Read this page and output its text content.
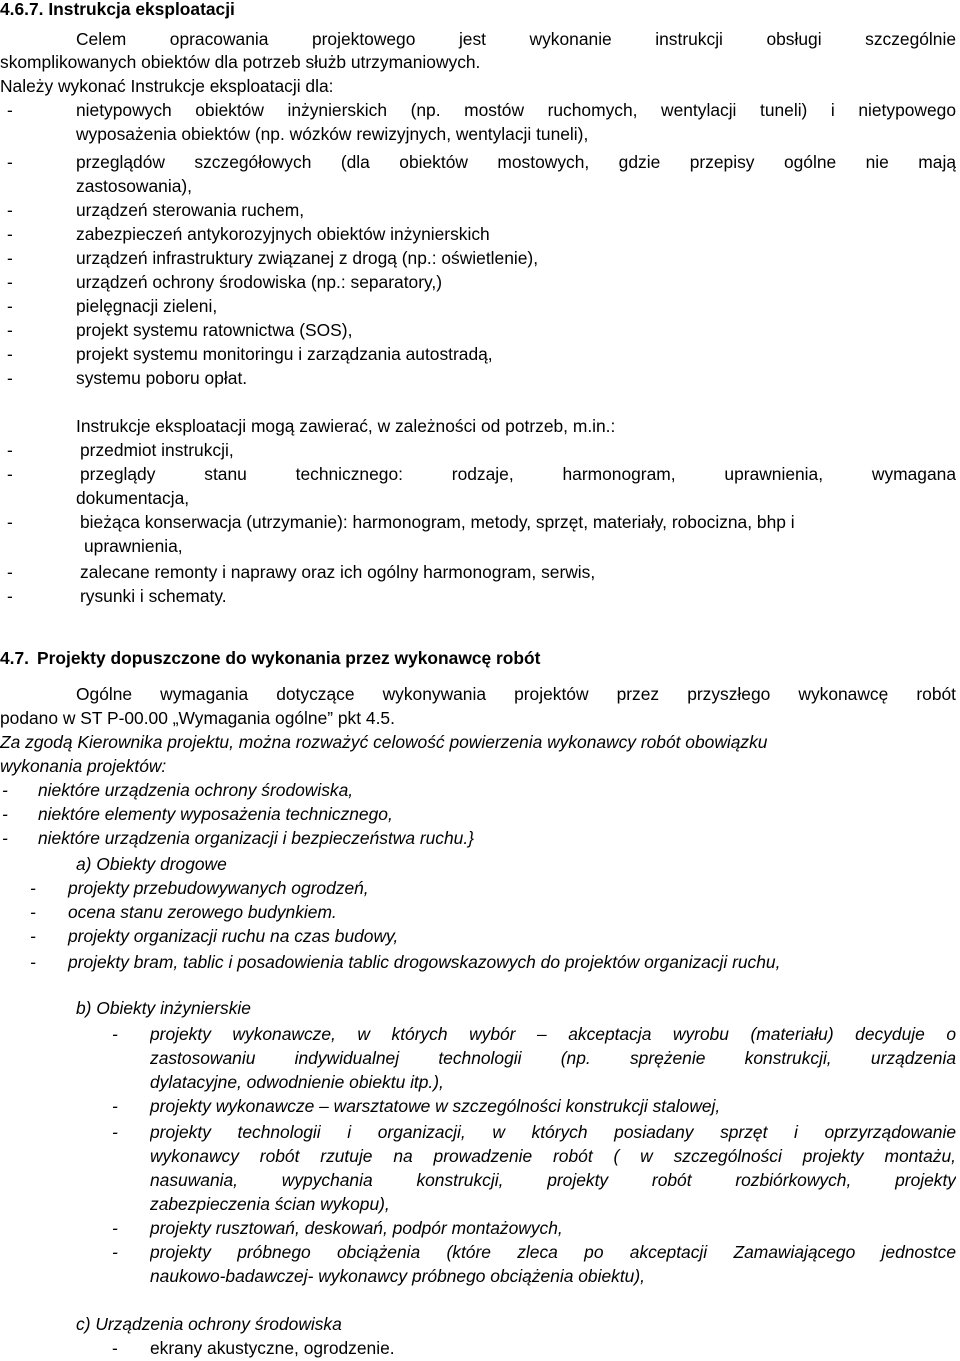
4.6.7. Instrukcja eksploatacji
Celem opracowania projektowego jest wykonanie instrukcji obsługi szczególnie
skomplikowanych obiektów dla potrzeb służb utrzymaniowych.
Należy wykonać Instrukcje eksploatacji dla:
-	nietypowych obiektów inżynierskich (np. mostów ruchomych, wentylacji tuneli) i nietypowego
wyposażenia obiektów (np. wózków rewizyjnych, wentylacji tuneli),
-	przeglądów szczegółowych (dla obiektów mostowych, gdzie przepisy ogólne nie mają
zastosowania),
-	urządzeń sterowania ruchem,
-	zabezpieczeń antykorozyjnych obiektów inżynierskich
-	urządzeń infrastruktury związanej z drogą (np.: oświetlenie),
-	urządzeń ochrony środowiska (np.: separatory,)
-	pielęgnacji zieleni,
-	projekt systemu ratownictwa (SOS),
-	projekt systemu monitoringu i zarządzania autostradą,
-	systemu poboru opłat.
Instrukcje eksploatacji mogą zawierać, w zależności od potrzeb, m.in.:
-	przedmiot instrukcji,
-	przeglądy stanu technicznego: rodzaje, harmonogram, uprawnienia, wymagana
dokumentacja,
-	bieżąca konserwacja (utrzymanie): harmonogram, metody, sprzęt, materiały, robocizna, bhp i
uprawnienia,
-	zalecane remonty i naprawy oraz ich ogólny harmonogram, serwis,
-	rysunki i schematy.
4.7. Projekty dopuszczone do wykonania przez wykonawcę robót
Ogólne wymagania dotyczące wykonywania projektów przez przyszłego wykonawcę robót
podano w ST P-00.00 „Wymagania ogólne” pkt 4.5.
Za zgodą Kierownika projektu, można rozważyć celowość powierzenia wykonawcy robót obowiązku
wykonania projektów:
- niektóre urządzenia ochrony środowiska,
- niektóre elementy wyposażenia technicznego,
- niektóre urządzenia organizacji i bezpieczeństwa ruchu.}
a) Obiekty drogowe
- projekty przebudowywanych ogrodzeń,
- ocena stanu zerowego budynkiem.
- projekty organizacji ruchu na czas budowy,
- projekty bram, tablic i posadowienia tablic drogowskazowych do projektów organizacji ruchu,
b) Obiekty inżynierskie
- projekty wykonawcze, w których wybór – akceptacja wyrobu (materiału) decyduje o
zastosowaniu indywidualnej technologii (np. sprężenie konstrukcji, urządzenia
dylatacyjne, odwodnienie obiektu itp.),
- projekty wykonawcze – warsztatowe w szczególności konstrukcji stalowej,
- projekty technologii i organizacji, w których posiadany sprzęt i oprzyrządowanie
wykonawcy robót rzutuje na prowadzenie robót ( w szczególności projekty montażu,
nasuwania, wypychania konstrukcji, projekty robót rozbiórkowych, projekty
zabezpieczenia ścian wykopu),
- projekty rusztowań, deskowań, podpór montażowych,
- projekty próbnego obciążenia (które zleca po akceptacji Zamawiającego jednostce
naukowo-badawczej- wykonawcy próbnego obciążenia obiektu),
c) Urządzenia ochrony środowiska
- ekrany akustyczne, ogrodzenie.
